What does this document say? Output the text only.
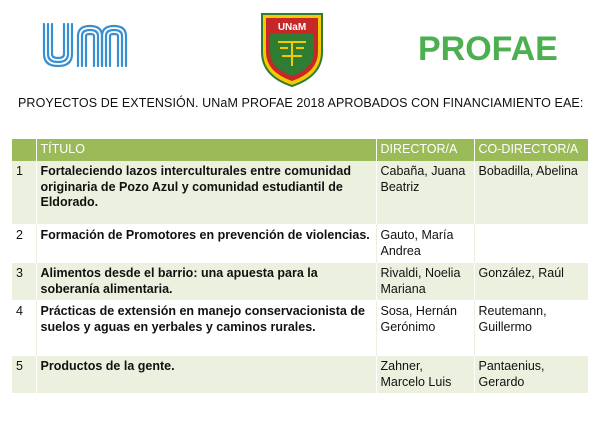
UNaM
PROFAE
PROYECTOS DE EXTENSIÓN. UNaM PROFAE 2018 APROBADOS CON FINANCIAMIENTO EAE:
	TÍTULO	DIRECTOR/A	CO-DIRECTOR/A
1	Fortaleciendo lazos interculturales entre comunidad originaria de Pozo Azul y comunidad estudiantil de Eldorado.	Cabaña, Juana Beatriz	Bobadilla, Abelina
2	Formación de Promotores en prevención de violencias.	Gauto, María Andrea	
3	Alimentos desde el barrio: una apuesta para la soberanía alimentaria.	Rivaldi, Noelia Mariana	González, Raúl
4	Prácticas de extensión en manejo conservacionista de suelos y aguas en yerbales y caminos rurales.	Sosa, Hernán Gerónimo	Reutemann, Guillermo
5	Productos de la gente.	Zahner, Marcelo Luis	Pantaenius, Gerardo
